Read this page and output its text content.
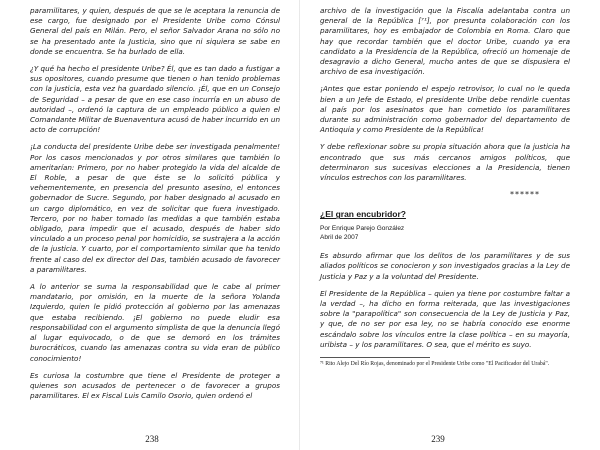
paramilitares, y quien, después de que se le aceptara la renuncia de ese cargo, fue designado por el Presidente Uribe como Cónsul General del país en Milán. Pero, el señor Salvador Arana no sólo no se ha presentado ante la Justicia, sino que ni siquiera se sabe en donde se encuentra. Se ha burlado de ella.

¿Y qué ha hecho el presidente Uribe? Él, que es tan dado a fustigar a sus opositores, cuando presume que tienen o han tenido problemas con la justicia, esta vez ha guardado silencio. ¡Él, que en un Consejo de Seguridad – a pesar de que en ese caso incurría en un abuso de autoridad –, ordenó la captura de un empleado público a quien el Comandante Militar de Buenaventura acusó de haber incurrido en un acto de corrupción!

¡La conducta del presidente Uribe debe ser investigada penalmente! Por los casos mencionados y por otros similares que también lo ameritarían: Primero, por no haber protegido la vida del alcalde de El Roble, a pesar de que éste se lo solicitó pública y vehementemente, en presencia del presunto asesino, el entonces gobernador de Sucre. Segundo, por haber designado al acusado en un cargo diplomático, en vez de solicitar que fuera investigado. Tercero, por no haber tomado las medidas a que también estaba obligado, para impedir que el acusado, después de haber sido vinculado a un proceso penal por homicidio, se sustrajera a la acción de la justicia. Y cuarto, por el comportamiento similar que ha tenido frente al caso del ex director del Das, también acusado de favorecer a paramilitares.

A lo anterior se suma la responsabilidad que le cabe al primer mandatario, por omisión, en la muerte de la señora Yolanda Izquierdo, quien le pidió protección al gobierno por las amenazas que estaba recibiendo. ¡El gobierno no puede eludir esa responsabilidad con el argumento simplista de que la denuncia llegó al lugar equivocado, o de que se demoró en los trámites burocráticos, cuando las amenazas contra su vida eran de público conocimiento!

Es curiosa la costumbre que tiene el Presidente de proteger a quienes son acusados de pertenecer o de favorecer a grupos paramilitares. El ex Fiscal Luis Camilo Osorio, quien ordenó el

238

archivo de la investigación que la Fiscalía adelantaba contra un general de la República [⁷¹], por presunta colaboración con los paramilitares, hoy es embajador de Colombia en Roma. Claro que hay que recordar también que el doctor Uribe, cuando ya era candidato a la Presidencia de la República, ofreció un homenaje de desagravio a dicho General, mucho antes de que se dispusiera el archivo de esa investigación.

¡Antes que estar poniendo el espejo retrovisor, lo cual no le queda bien a un Jefe de Estado, el presidente Uribe debe rendirle cuentas al país por los asesinatos que han cometido los paramilitares durante su administración como gobernador del departamento de Antioquia y como Presidente de la República!

Y debe reflexionar sobre su propia situación ahora que la justicia ha encontrado que sus más cercanos amigos políticos, que determinaron sus sucesivas elecciones a la Presidencia, tienen vínculos estrechos con los paramilitares.

******
¿El gran encubridor?
Por Enrique Parejo González
Abril de 2007

Es absurdo afirmar que los delitos de los paramilitares y de sus aliados políticos se conocieron y son investigados gracias a la Ley de Justicia y Paz y a la voluntad del Presidente.

El Presidente de la República – quien ya tiene por costumbre faltar a la verdad –, ha dicho en forma reiterada, que las investigaciones sobre la "parapolítica" son consecuencia de la Ley de Justicia y Paz, y que, de no ser por esa ley, no se habría conocido ese enorme escándalo sobre los vínculos entre la clase política – en su mayoría, uribista – y los paramilitares. O sea, que el mérito es suyo.

⁷¹ Rito Alejo Del Río Rojas, denominado por el Presidente Uribe como "El Pacificador del Urabá".

239
